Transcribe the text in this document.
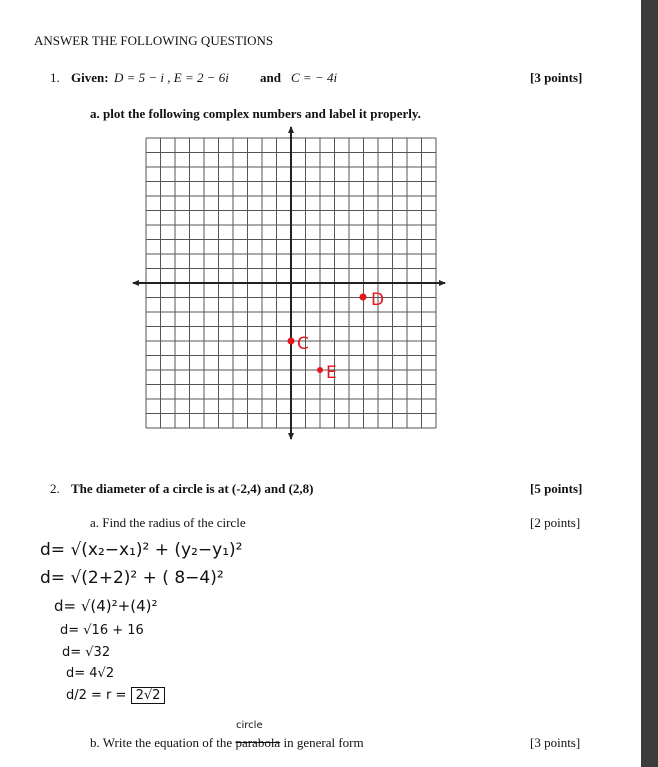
ANSWER THE FOLLOWING QUESTIONS
1. Given: D = 5 − i , E = 2 − 6i and C = − 4i	[3 points]
a. plot the following complex numbers and label it properly.
D
C
E
2. The diameter of a circle is at (-2,4) and (2,8)	[5 points]
a. Find the radius of the circle	[2 points]
d= √(x₂−x₁)² + (y₂−y₁)²
d= √(2+2)² + ( 8−4)²
d= √(4)²+(4)²
d= √16 + 16
d= √32
d= 4√2
d/2 = r = 2√2
circle
b. Write the equation of the parabola in general form	[3 points]
